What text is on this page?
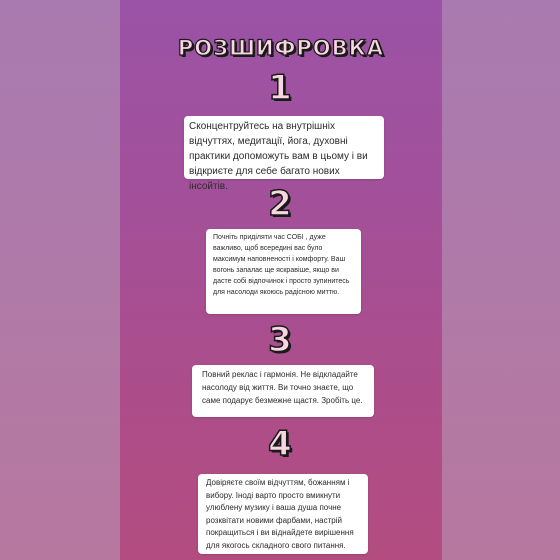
РОЗШИФРОВКА
1

Сконцентруйтесь на внутрішніх відчуттях, медитації, йога, духовні практики допоможуть вам в цьому і ви відкриєте для себе багато нових інсойтів.	2

Почніть приділяти час СОБІ , дуже важливо, щоб всередині вас було максимум наповненості і комфорту. Ваш вогонь запалає ще яскравіше, якщо ви дасте собі відпочинок і просто зупинитесь для насолоди якоюсь радісною миттю.

3

Повний реклас і гармонія. Не відкладайте насолоду від життя. Ви точно знаєте, що саме подарує безмежне щастя. Зробіть це.

4

Довіряєте своїм відчуттям, божанням і вибору. Іноді варто просто вмикнути улюблену музику і ваша душа почне розквітати новими фарбами, настрій покращиться і ви віднайдете вирішення для якогось складного свого питання.
